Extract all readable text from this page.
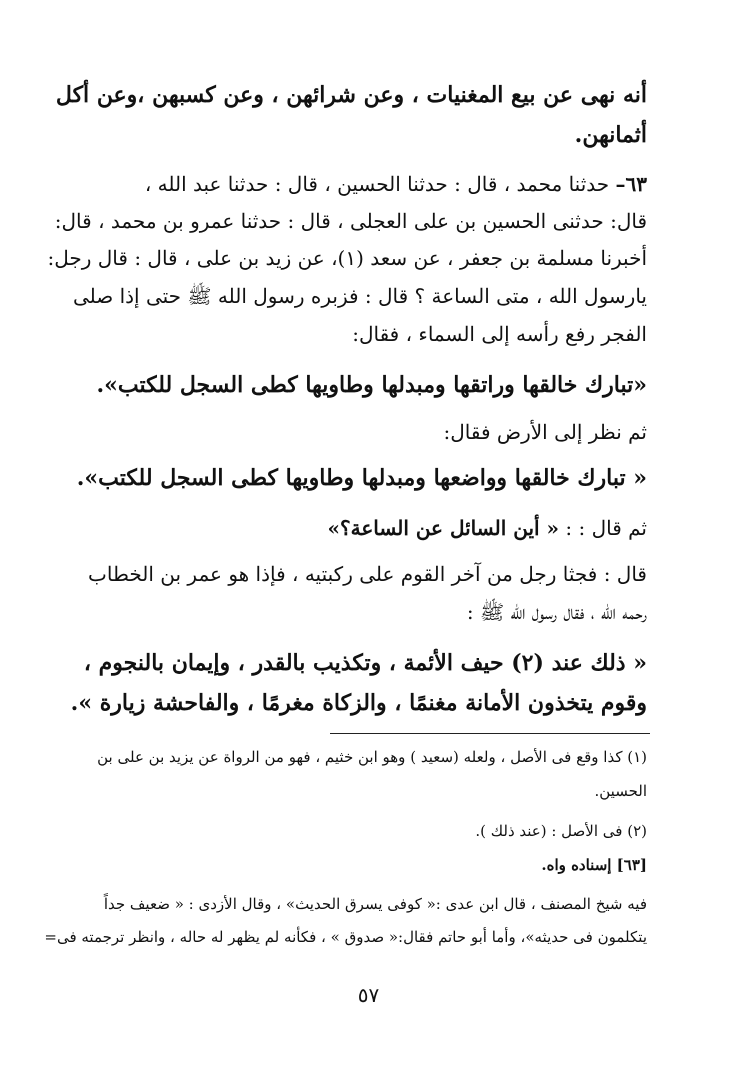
أنه نهى عن بيع المغنيات ، وعن شرائهن ، وعن كسبهن ،وعن أكل
أثمانهن.
٦٣– حدثنا محمد ، قال : حدثنا الحسين ، قال : حدثنا عبد الله ،
قال: حدثنى الحسين بن على العجلى ، قال : حدثنا عمرو بن محمد ، قال:
أخبرنا مسلمة بن جعفر ، عن سعد (١)، عن زيد بن على ، قال : قال رجل:
يارسول الله ، متى الساعة ؟ قال : فزبره رسول الله ﷺ حتى إذا صلى
الفجر رفع رأسه إلى السماء ، فقال:
«تبارك خالقها وراتقها ومبدلها وطاويها كطى السجل للكتب».
ثم نظر إلى الأرض فقال:
« تبارك خالقها وواضعها ومبدلها وطاويها كطى السجل للكتب».
ثم قال : : « أين السائل عن الساعة؟»
قال : فجثا رجل من آخر القوم على ركبتيه ، فإذا هو عمر بن الخطاب
رحمه الله ، فقال رسول الله ﷺ :
« ذلك عند (٢) حيف الأئمة ، وتكذيب بالقدر ، وإيمان بالنجوم ،
وقوم يتخذون الأمانة مغنمًا ، والزكاة مغرمًا ، والفاحشة زيارة ».
(١) كذا وقع فى الأصل ، ولعله (سعيد ) وهو ابن خثيم ، فهو من الرواة عن يزيد بن على بن
الحسين.
(٢) فى الأصل : (عند ذلك ).
[٦٣] إسناده واه.
فيه شيخ المصنف ، قال ابن عدى :« كوفى يسرق الحديث» ، وقال الأزدى : « ضعيف جداً
يتكلمون فى حديثه»، وأما أبو حاتم فقال:« صدوق » ، فكأنه لم يظهر له حاله ، وانظر ترجمته فى=
٥٧
